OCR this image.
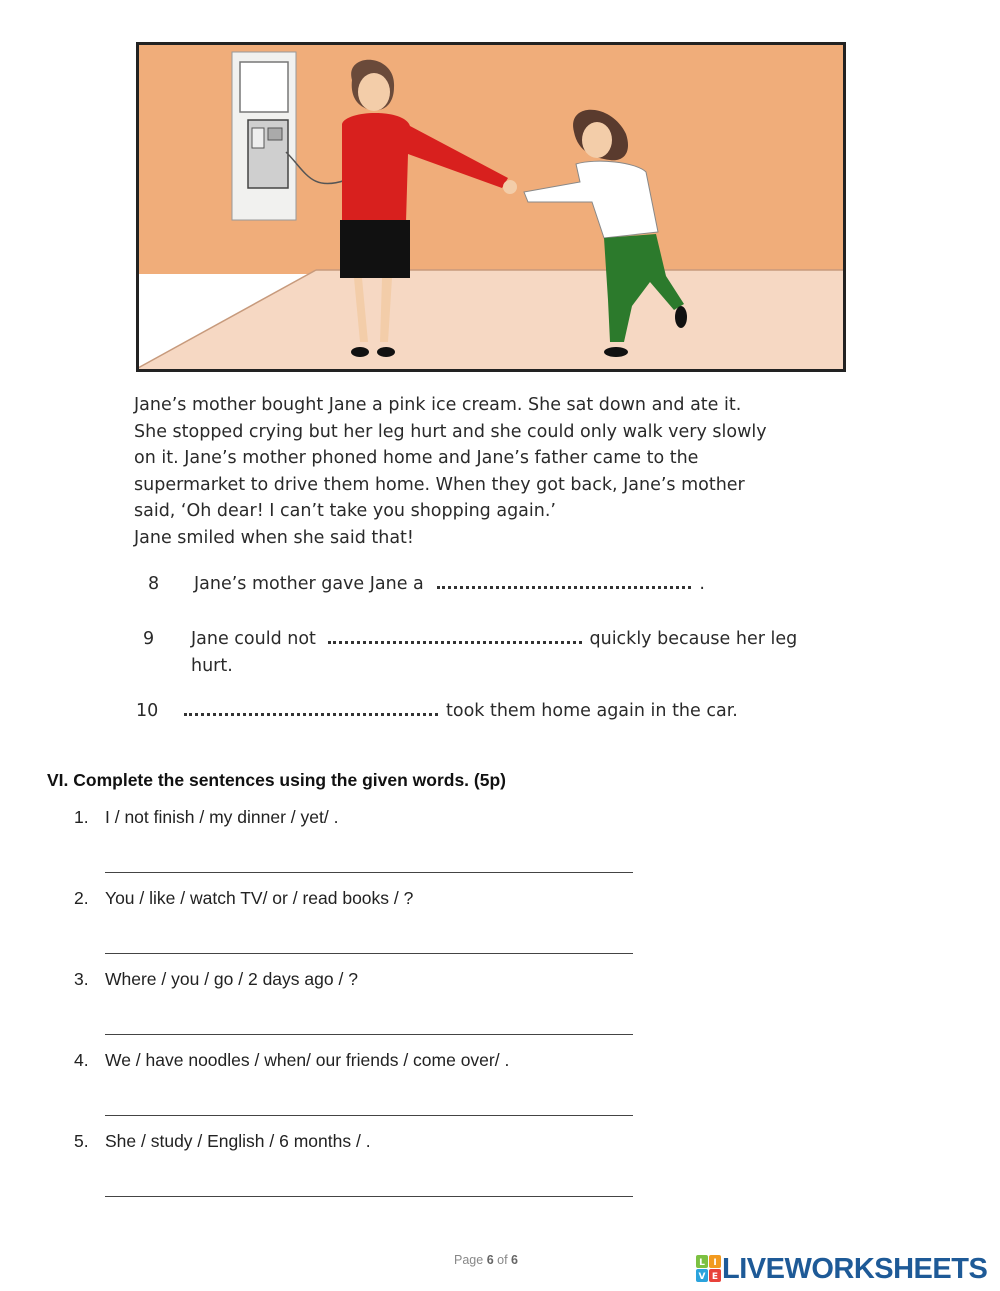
Jane’s mother bought Jane a pink ice cream. She sat down and ate it.

She stopped crying but her leg hurt and she could only walk very slowly

on it. Jane’s mother phoned home and Jane’s father came to the

supermarket to drive them home. When they got back, Jane’s mother

said, ‘Oh dear! I can’t take you shopping again.’

Jane smiled when she said that!

8 Jane’s mother gave Jane a	.
9 Jane could not	quickly because her leg
hurt.
10	took them home again in the car.
VI. Complete the sentences using the given words. (5p)
1. I / not finish / my dinner / yet/ .
2. You / like / watch TV/ or / read books / ?
3. Where / you / go / 2 days ago / ?
4. We / have noodles / when/ our friends / come over/ .
5. She / study / English / 6 months / .
Page 6 of 6	L I
V E LIVEWORKSHEETS
